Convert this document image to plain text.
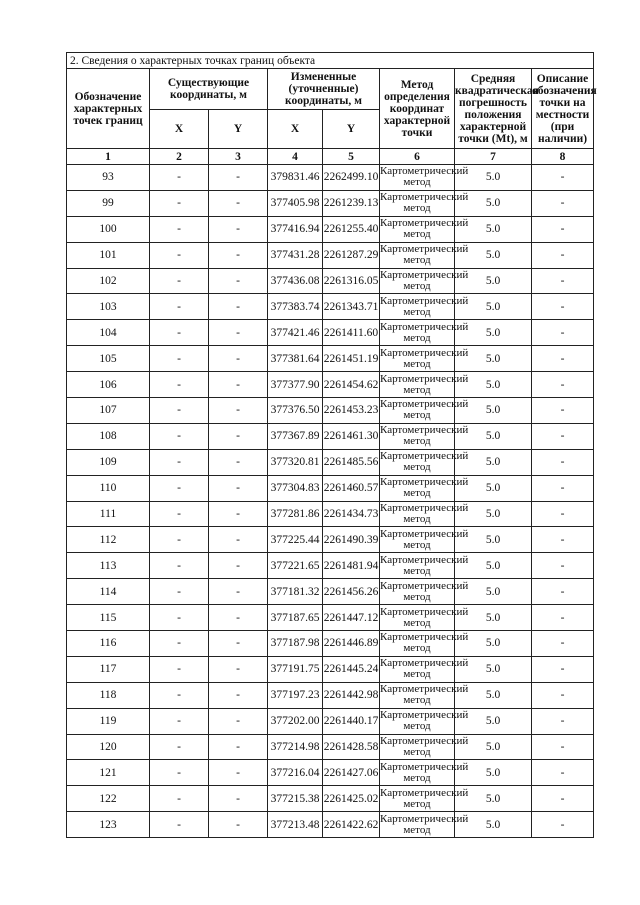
2. Сведения о характерных точках границ объекта							
Обозначение характерных точек границ	Существующие координаты, м		Измененные (уточненные) координаты, м		Метод определения координат характерной точки	Средняя квадратическая погрешность положения характерной точки (Mt), м	Описание обозначения точки на местности (при наличии)
	X	Y	X	Y			
1	2	3	4	5	6	7	8
93	-	-	379831.46	2262499.10	Картометрический метод	5.0	-
99	-	-	377405.98	2261239.13	Картометрический метод	5.0	-
100	-	-	377416.94	2261255.40	Картометрический метод	5.0	-
101	-	-	377431.28	2261287.29	Картометрический метод	5.0	-
102	-	-	377436.08	2261316.05	Картометрический метод	5.0	-
103	-	-	377383.74	2261343.71	Картометрический метод	5.0	-
104	-	-	377421.46	2261411.60	Картометрический метод	5.0	-
105	-	-	377381.64	2261451.19	Картометрический метод	5.0	-
106	-	-	377377.90	2261454.62	Картометрический метод	5.0	-
107	-	-	377376.50	2261453.23	Картометрический метод	5.0	-
108	-	-	377367.89	2261461.30	Картометрический метод	5.0	-
109	-	-	377320.81	2261485.56	Картометрический метод	5.0	-
110	-	-	377304.83	2261460.57	Картометрический метод	5.0	-
111	-	-	377281.86	2261434.73	Картометрический метод	5.0	-
112	-	-	377225.44	2261490.39	Картометрический метод	5.0	-
113	-	-	377221.65	2261481.94	Картометрический метод	5.0	-
114	-	-	377181.32	2261456.26	Картометрический метод	5.0	-
115	-	-	377187.65	2261447.12	Картометрический метод	5.0	-
116	-	-	377187.98	2261446.89	Картометрический метод	5.0	-
117	-	-	377191.75	2261445.24	Картометрический метод	5.0	-
118	-	-	377197.23	2261442.98	Картометрический метод	5.0	-
119	-	-	377202.00	2261440.17	Картометрический метод	5.0	-
120	-	-	377214.98	2261428.58	Картометрический метод	5.0	-
121	-	-	377216.04	2261427.06	Картометрический метод	5.0	-
122	-	-	377215.38	2261425.02	Картометрический метод	5.0	-
123	-	-	377213.48	2261422.62	Картометрический метод	5.0	-
